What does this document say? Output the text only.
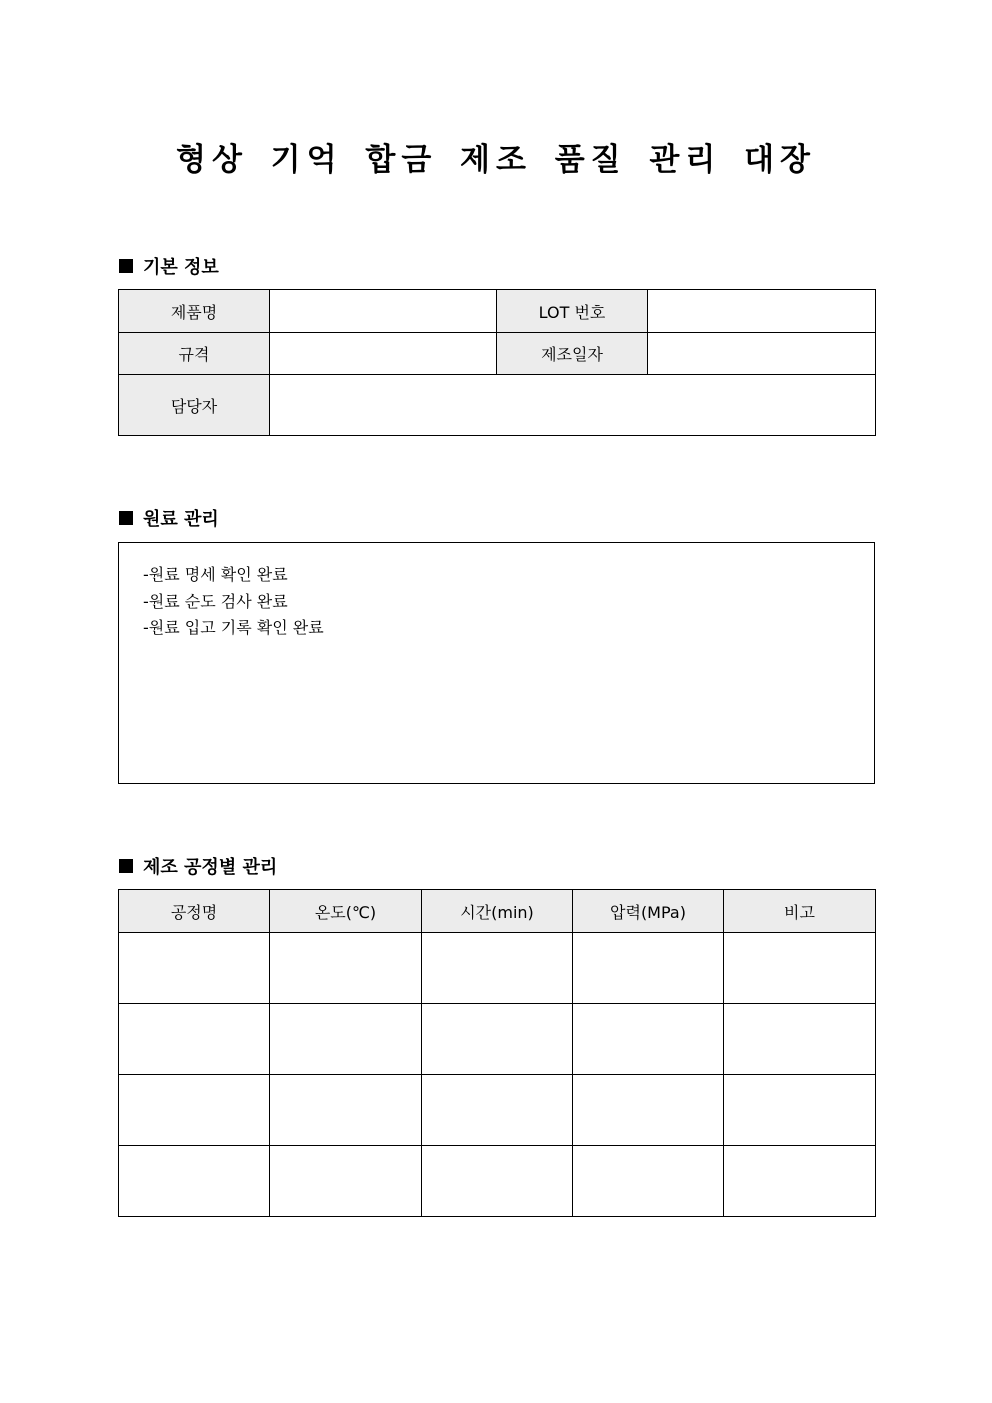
형상 기억 합금 제조 품질 관리 대장
기본 정보
제품명		LOT 번호	
규격		제조일자	
담당자			
원료 관리
-원료 명세 확인 완료
-원료 순도 검사 완료
-원료 입고 기록 확인 완료
제조 공정별 관리
공정명	온도(℃)	시간(min)	압력(MPa)	비고
